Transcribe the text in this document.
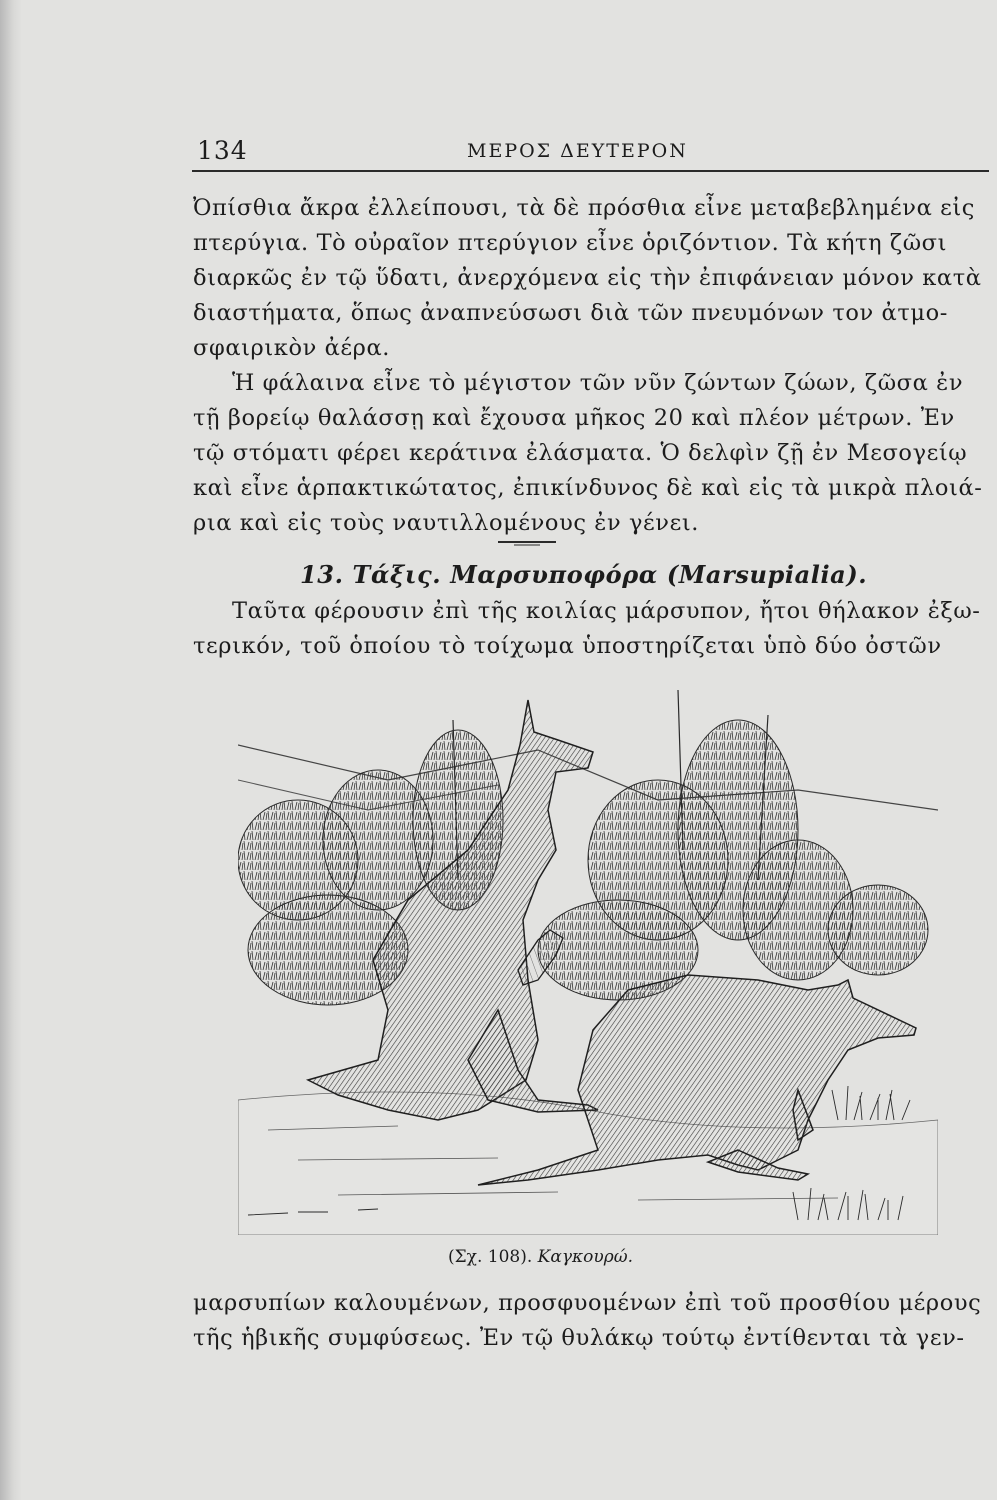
134	ΜΕΡΟΣ ΔΕΥΤΕΡΟΝ
Ὀπίσθια ἄκρα ἐλλείπουσι, τὰ δὲ πρόσθια εἶνε μεταβεβλημένα εἰς
πτερύγια. Τὸ οὐραῖον πτερύγιον εἶνε ὁριζόντιον. Τὰ κήτη ζῶσι
διαρκῶς ἐν τῷ ὕδατι, ἀνερχόμενα εἰς τὴν ἐπιφάνειαν μόνον κατὰ
διαστήματα, ὅπως ἀναπνεύσωσι διὰ τῶν πνευμόνων τον ἀτμο-
σφαιρικὸν ἀέρα.
Ἡ φάλαινα εἶνε τὸ μέγιστον τῶν νῦν ζώντων ζώων, ζῶσα ἐν
τῇ βορείῳ θαλάσσῃ καὶ ἔχουσα μῆκος 20 καὶ πλέον μέτρων. Ἐν
τῷ στόματι φέρει κεράτινα ἐλάσματα. Ὁ δελφὶν ζῇ ἐν Μεσογείῳ
καὶ εἶνε ἁρπακτικώτατος, ἐπικίνδυνος δὲ καὶ εἰς τὰ μικρὰ πλοιά-
ρια καὶ εἰς τοὺς ναυτιλλομένους ἐν γένει.
13. Τάξις. Μαρσυποφόρα (Marsupialia).
Ταῦτα φέρουσιν ἐπὶ τῆς κοιλίας μάρσυπον, ἤτοι θήλακον ἐξω-
τερικόν, τοῦ ὁποίου τὸ τοίχωμα ὑποστηρίζεται ὑπὸ δύο ὀστῶν
(Σχ. 108). Καγκουρώ.
μαρσυπίων καλουμένων, προσφυομένων ἐπὶ τοῦ προσθίου μέρους
τῆς ἡβικῆς συμφύσεως. Ἐν τῷ θυλάκῳ τούτῳ ἐντίθενται τὰ γεν-
